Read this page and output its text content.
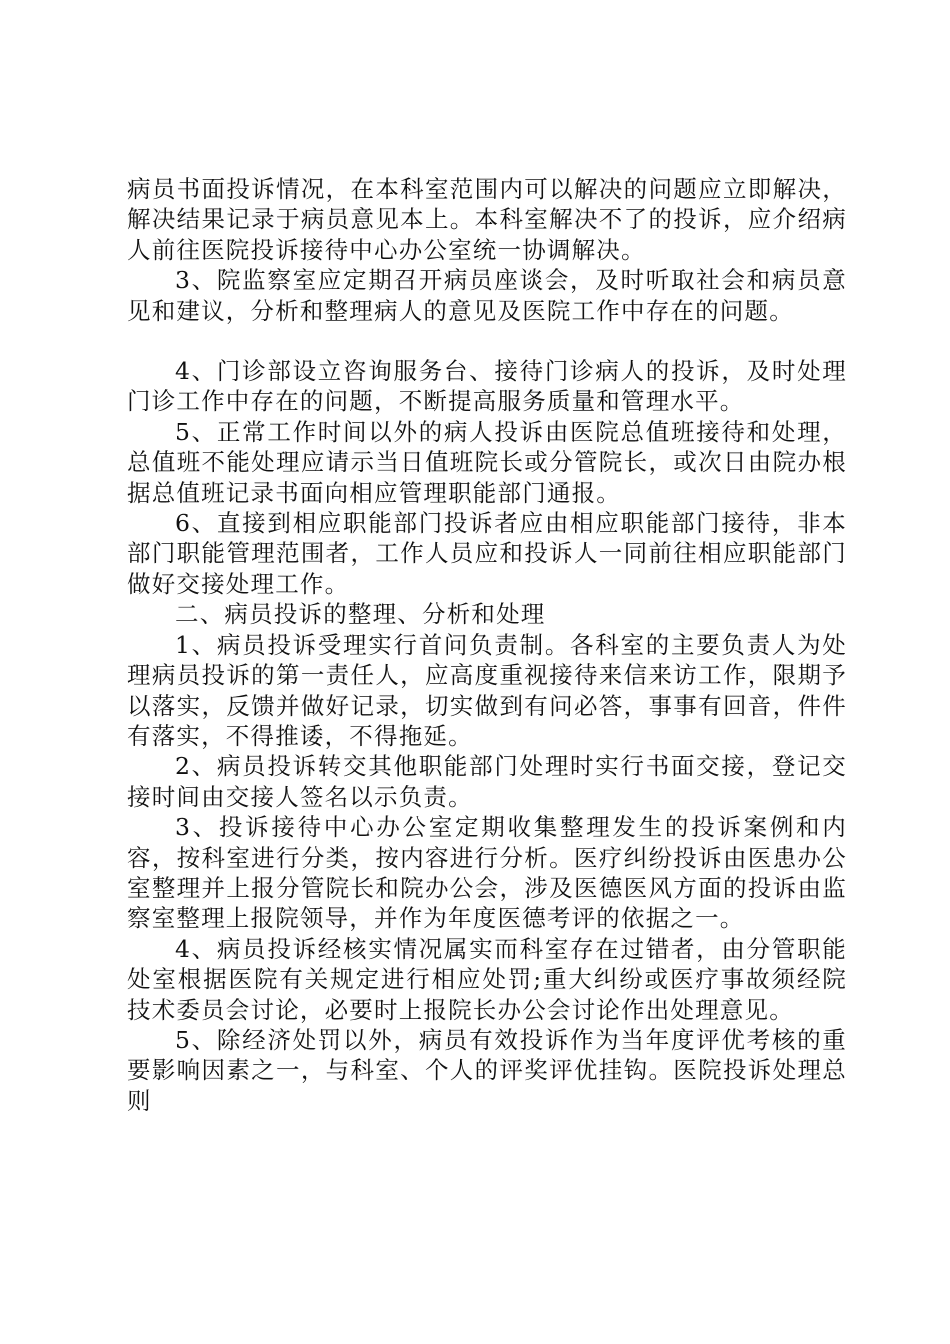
病员书面投诉情况，在本科室范围内可以解决的问题应立即解决，解决结果记录于病员意见本上。本科室解决不了的投诉，应介绍病人前往医院投诉接待中心办公室统一协调解决。

3、院监察室应定期召开病员座谈会，及时听取社会和病员意见和建议，分析和整理病人的意见及医院工作中存在的问题。

4、门诊部设立咨询服务台、接待门诊病人的投诉，及时处理门诊工作中存在的问题，不断提高服务质量和管理水平。

5、正常工作时间以外的病人投诉由医院总值班接待和处理，总值班不能处理应请示当日值班院长或分管院长，或次日由院办根据总值班记录书面向相应管理职能部门通报。

6、直接到相应职能部门投诉者应由相应职能部门接待，非本部门职能管理范围者，工作人员应和投诉人一同前往相应职能部门做好交接处理工作。

二、病员投诉的整理、分析和处理

1、病员投诉受理实行首问负责制。各科室的主要负责人为处理病员投诉的第一责任人，应高度重视接待来信来访工作，限期予以落实，反馈并做好记录，切实做到有问必答，事事有回音，件件有落实，不得推诿，不得拖延。

2、病员投诉转交其他职能部门处理时实行书面交接，登记交接时间由交接人签名以示负责。

3、投诉接待中心办公室定期收集整理发生的投诉案例和内容，按科室进行分类，按内容进行分析。医疗纠纷投诉由医患办公室整理并上报分管院长和院办公会，涉及医德医风方面的投诉由监察室整理上报院领导，并作为年度医德考评的依据之一。

4、病员投诉经核实情况属实而科室存在过错者，由分管职能处室根据医院有关规定进行相应处罚;重大纠纷或医疗事故须经院技术委员会讨论，必要时上报院长办公会讨论作出处理意见。

5、除经济处罚以外，病员有效投诉作为当年度评优考核的重要影响因素之一，与科室、个人的评奖评优挂钩。医院投诉处理总则
